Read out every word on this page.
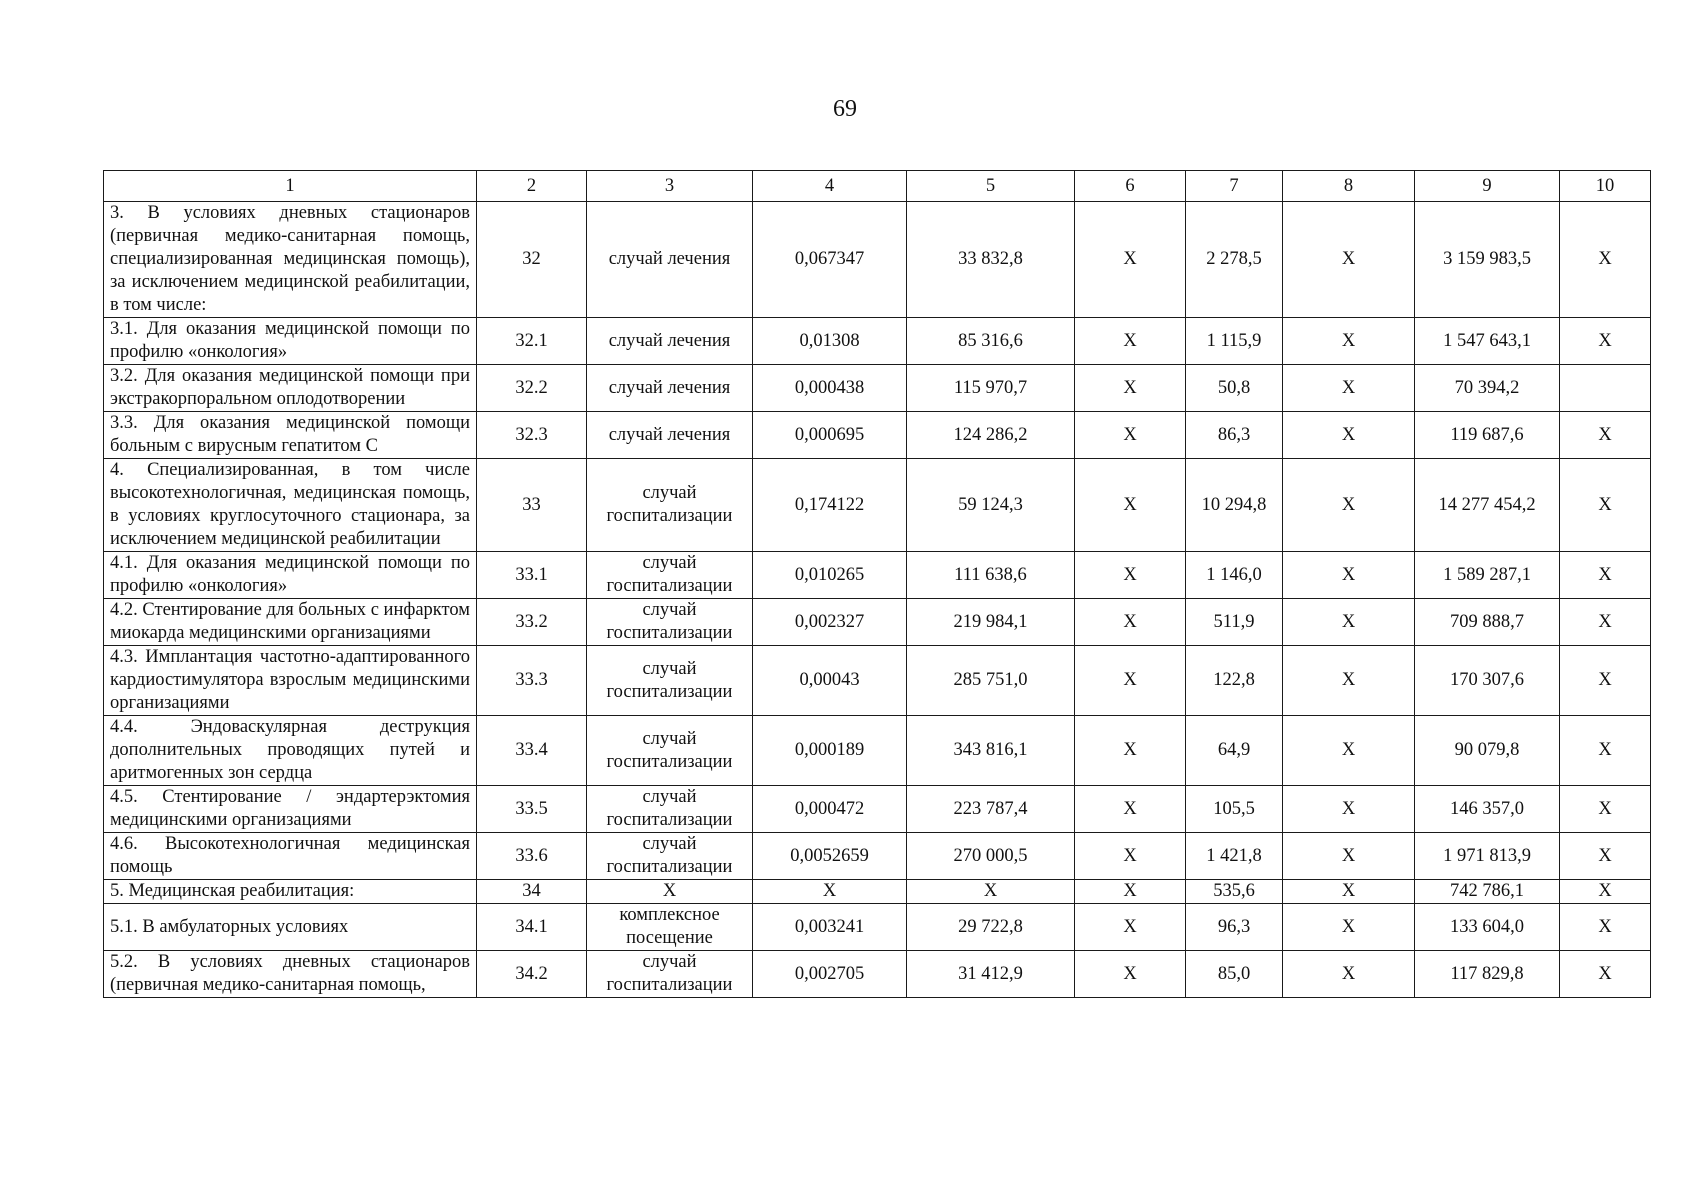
69
1	2	3	4	5	6	7	8	9	10
3. В условиях дневных стационаров (первичная медико-санитарная помощь, специализированная медицинская помощь), за исключением медицинской реабилитации, в том числе:	32	случай лечения	0,067347	33 832,8	X	2 278,5	X	3 159 983,5	X
3.1. Для оказания медицинской помощи по профилю «онкология»	32.1	случай лечения	0,01308	85 316,6	X	1 115,9	X	1 547 643,1	X
3.2. Для оказания медицинской помощи при экстракорпоральном оплодотворении	32.2	случай лечения	0,000438	115 970,7	X	50,8	X	70 394,2	
3.3. Для оказания медицинской помощи больным с вирусным гепатитом С	32.3	случай лечения	0,000695	124 286,2	X	86,3	X	119 687,6	X
4. Специализированная, в том числе высокотехнологичная, медицинская помощь, в условиях круглосуточного стационара, за исключением медицинской реабилитации	33	случай госпитализации	0,174122	59 124,3	X	10 294,8	X	14 277 454,2	X
4.1. Для оказания медицинской помощи по профилю «онкология»	33.1	случай госпитализации	0,010265	111 638,6	X	1 146,0	X	1 589 287,1	X
4.2. Стентирование для больных с инфарктом миокарда медицинскими организациями	33.2	случай госпитализации	0,002327	219 984,1	X	511,9	X	709 888,7	X
4.3. Имплантация частотно-адаптированного кардиостимулятора взрослым медицинскими организациями	33.3	случай госпитализации	0,00043	285 751,0	X	122,8	X	170 307,6	X
4.4. Эндоваскулярная деструкция дополнительных проводящих путей и аритмогенных зон сердца	33.4	случай госпитализации	0,000189	343 816,1	X	64,9	X	90 079,8	X
4.5. Стентирование / эндартерэктомия медицинскими организациями	33.5	случай госпитализации	0,000472	223 787,4	X	105,5	X	146 357,0	X
4.6. Высокотехнологичная медицинская помощь	33.6	случай госпитализации	0,0052659	270 000,5	X	1 421,8	X	1 971 813,9	X
5. Медицинская реабилитация:	34	X	X	X	X	535,6	X	742 786,1	X
5.1. В амбулаторных условиях	34.1	комплексное посещение	0,003241	29 722,8	X	96,3	X	133 604,0	X
5.2. В условиях дневных стационаров (первичная медико-санитарная помощь,	34.2	случай госпитализации	0,002705	31 412,9	X	85,0	X	117 829,8	X
